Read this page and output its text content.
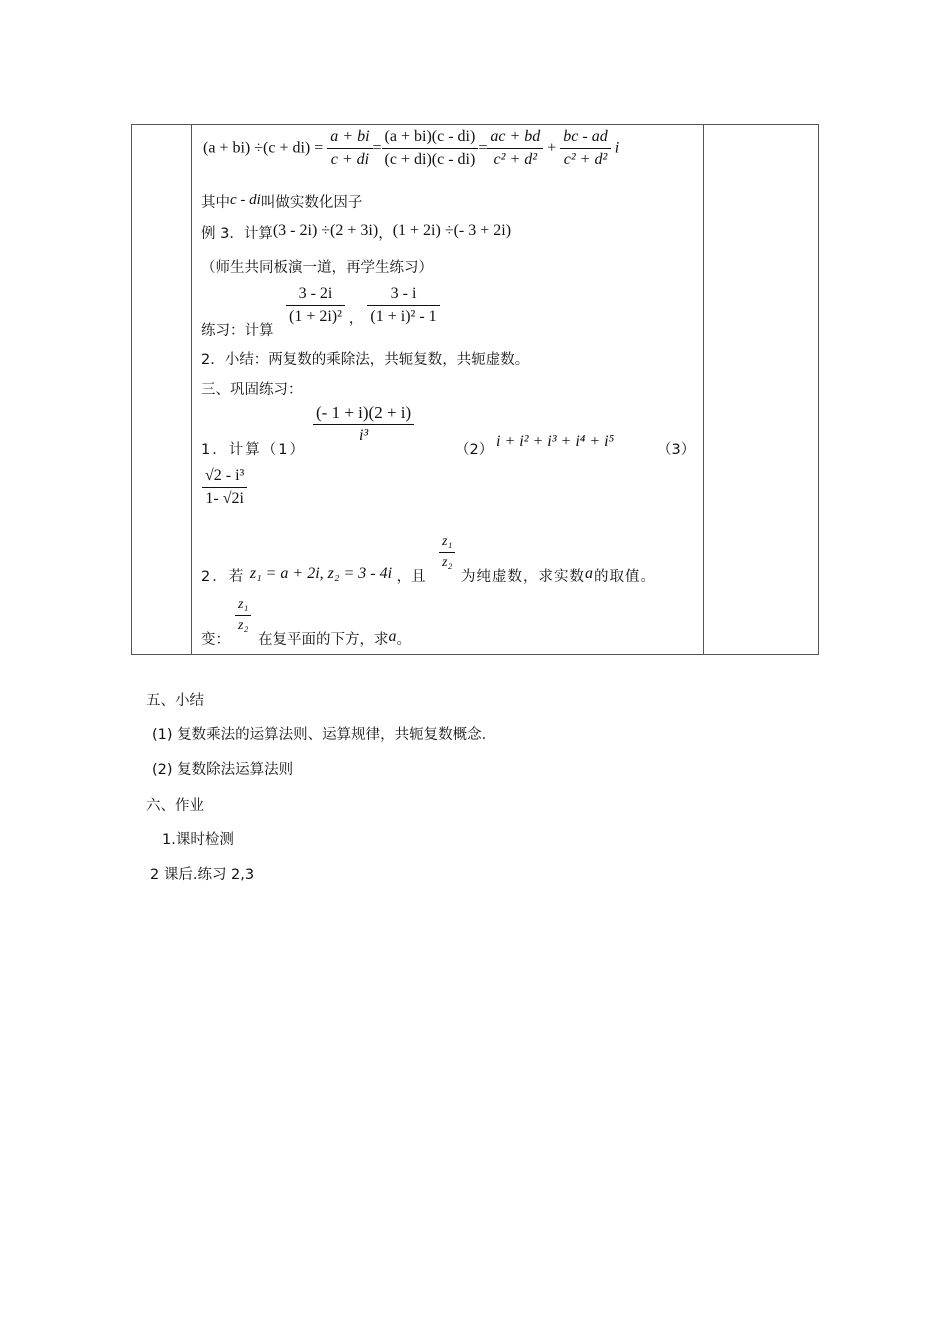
$(a + bi) \div(c + di) = \frac{a + bi}{c + di} = \frac{(a + bi)(c - di)}{(c + di)(c - di)} = \frac{ac + bd}{\text{c² + d²}} + \frac{bc - ad}{\text{c² + d²}}$ i
其中c - di叫做实数化因子
例 3．计算(3 - 2i) ÷(2 + 3i)，(1 + 2i) ÷(- 3 + 2i)
（师生共同板演一道，再学生练习）
练习：计算
$\frac{3 - 2i}{\text{(1 + 2i)²}}$ ， $\frac{3 - i}{\text{(1 + i)² - 1}}$
2．小结：两复数的乘除法，共轭复数，共轭虚数。
三、巩固练习：
1．计算（1）
$\frac{(- 1 + i)(2 + i)}{\text{i³}}$
（2） i + i² + i³ + i⁴ + i⁵	（3）
$\frac{\text{√2 - i³}}{1- √2i}$
2．若 z₁ = a + 2i, z₂ = 3 - 4i ，且
$\frac{\text{z₁}}{\text{z₂}}$
为纯虚数，求实数a的取值。
变：
$\frac{\text{z₁}}{\text{z₂}}$
在复平面的下方，求a。
五、小结
(1) 复数乘法的运算法则、运算规律，共轭复数概念.
(2) 复数除法运算法则
六、作业
1.课时检测
2 课后.练习 2,3
